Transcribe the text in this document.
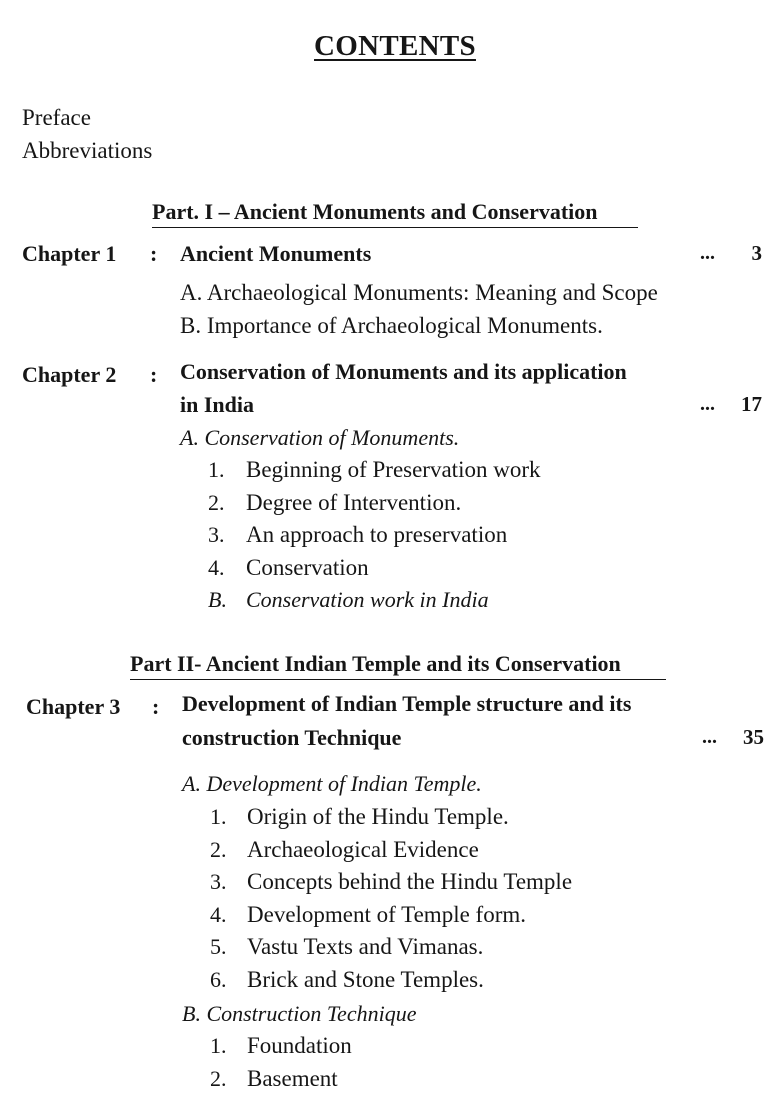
CONTENTS
Preface
Abbreviations
Part. I – Ancient Monuments and Conservation
Chapter 1 : Ancient Monuments	...	3
A. Archaeological Monuments: Meaning and Scope
B. Importance of Archaeological Monuments.
Chapter 2 : Conservation of Monuments and its application
in India	...	17
A. Conservation of Monuments.
1. Beginning of Preservation work
2. Degree of Intervention.
3. An approach to preservation
4. Conservation
B. Conservation work in India
Part II- Ancient Indian Temple and its Conservation
Chapter 3 : Development of Indian Temple structure and its
construction Technique	...	35
A. Development of Indian Temple.
1. Origin of the Hindu Temple.
2. Archaeological Evidence
3. Concepts behind the Hindu Temple
4. Development of Temple form.
5. Vastu Texts and Vimanas.
6. Brick and Stone Temples.
B. Construction Technique
1. Foundation
2. Basement
